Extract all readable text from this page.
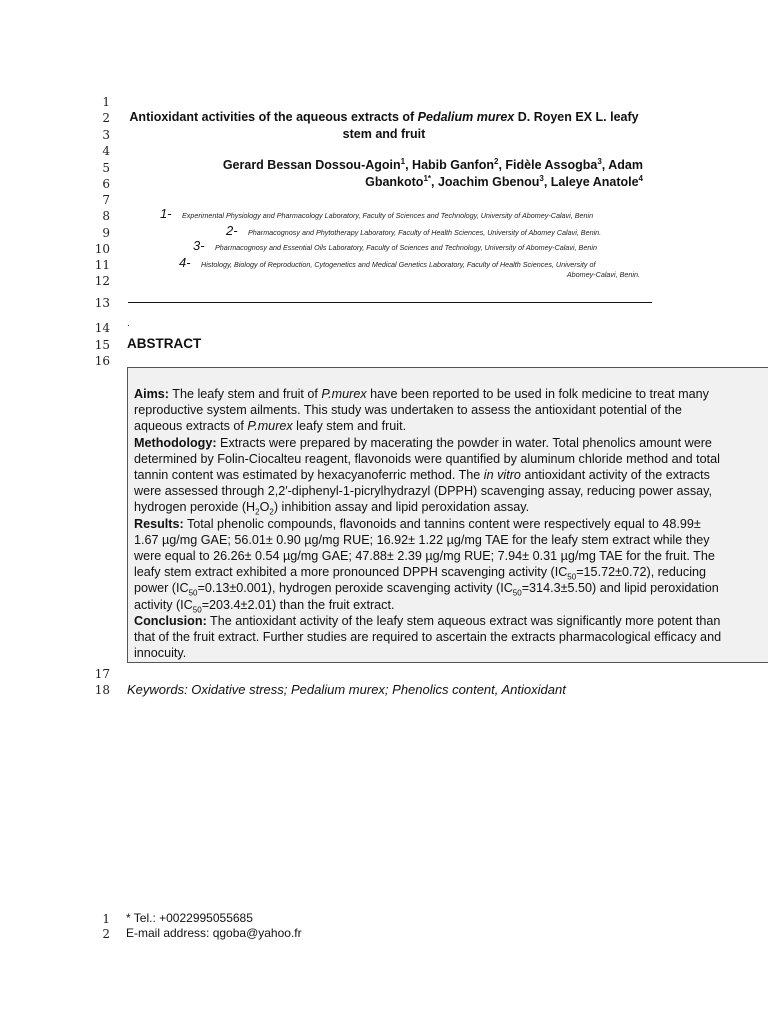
1
2
3
4
5
6
7
8
9
10
11
12
13
14
15
16
17
18
Antioxidant activities of the aqueous extracts of Pedalium murex D. Royen EX L. leafy stem and fruit
Gerard Bessan Dossou-Agoin$^1$, Habib Ganfon$^2$, Fidèle Assogba$^3$, Adam
Gbankoto$^{1*}$, Joachim Gbenou$^3$, Laleye Anatole$^4$
1- Experimental Physiology and Pharmacology Laboratory, Faculty of Sciences and Technology, University of Abomey-Calavi, Benin
2- Pharmacognosy and Phytotherapy Laboratory, Faculty of Health Sciences, University of Abomey Calavi, Benin.
3- Pharmacognosy and Essential Oils Laboratory, Faculty of Sciences and Technology, University of Abomey-Calavi, Benin
4- Histology, Biology of Reproduction, Cytogenetics and Medical Genetics Laboratory, Faculty of Health Sciences, University of
Abomey-Calavi, Benin.
.
ABSTRACT

Aims: The leafy stem and fruit of P.murex have been reported to be used in folk medicine to treat many

reproductive system ailments. This study was undertaken to assess the antioxidant potential of the

aqueous extracts of P.murex leafy stem and fruit.

Methodology: Extracts were prepared by macerating the powder in water. Total phenolics amount were

determined by Folin-Ciocalteu reagent, flavonoids were quantified by aluminum chloride method and total

tannin content was estimated by hexacyanoferric method. The in vitro antioxidant activity of the extracts

were assessed through 2,2′-diphenyl-1-picrylhydrazyl (DPPH) scavenging assay, reducing power assay,

hydrogen peroxide $(H_2O_2)$ inhibition assay and lipid peroxidation assay.

Results: Total phenolic compounds, flavonoids and tannins content were respectively equal to 48.99±

1.67 µg/mg GAE; 56.01± 0.90 µg/mg RUE; 16.92± 1.22 µg/mg TAE for the leafy stem extract while they

were equal to 26.26± 0.54 µg/mg GAE; 47.88± 2.39 µg/mg RUE; 7.94± 0.31 µg/mg TAE for the fruit. The

leafy stem extract exhibited a more pronounced DPPH scavenging activity $(IC_{50}=15.72\pm 0.72)$, reducing

power $(IC_{50}=0.13\pm 0.001)$, hydrogen peroxide scavenging activity $(IC_{50}=314.3\pm 5.50)$ and lipid peroxidation

activity $(IC_{50}=203.4\pm 2.01)$ than the fruit extract.

Conclusion: The antioxidant activity of the leafy stem aqueous extract was significantly more potent than

that of the fruit extract. Further studies are required to ascertain the extracts pharmacological efficacy and

innocuity.

Keywords: Oxidative stress; Pedalium murex; Phenolics content, Antioxidant
1
2
* Tel.: +0022995055685
E-mail address: qgoba@yahoo.fr
